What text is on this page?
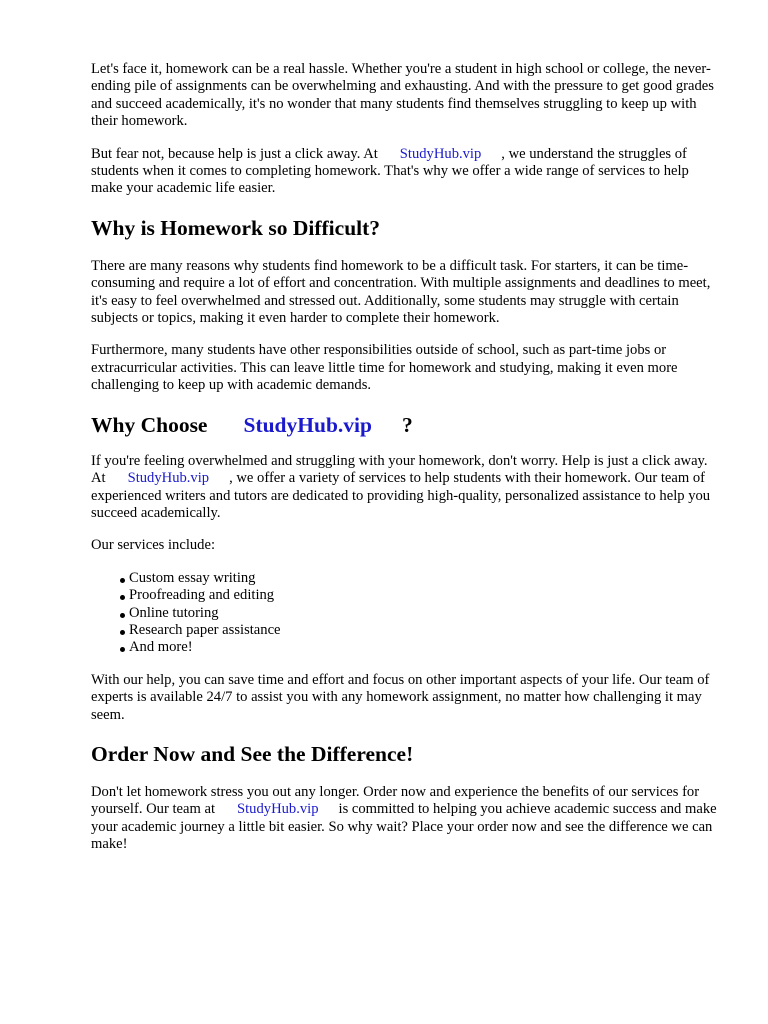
Let's face it, homework can be a real hassle. Whether you're a student in high school or college, the never-ending pile of assignments can be overwhelming and exhausting. And with the pressure to get good grades and succeed academically, it's no wonder that many students find themselves struggling to keep up with their homework.

But fear not, because help is just a click away. At StudyHub.vip , we understand the struggles of students when it comes to completing homework. That's why we offer a wide range of services to help make your academic life easier.

Why is Homework so Difficult?

There are many reasons why students find homework to be a difficult task. For starters, it can be time-consuming and require a lot of effort and concentration. With multiple assignments and deadlines to meet, it's easy to feel overwhelmed and stressed out. Additionally, some students may struggle with certain subjects or topics, making it even harder to complete their homework.

Furthermore, many students have other responsibilities outside of school, such as part-time jobs or extracurricular activities. This can leave little time for homework and studying, making it even more challenging to keep up with academic demands.

Why Choose StudyHub.vip ?

If you're feeling overwhelmed and struggling with your homework, don't worry. Help is just a click away. At StudyHub.vip , we offer a variety of services to help students with their homework. Our team of experienced writers and tutors are dedicated to providing high-quality, personalized assistance to help you succeed academically.

Our services include:

Custom essay writing
Proofreading and editing
Online tutoring
Research paper assistance
And more!

With our help, you can save time and effort and focus on other important aspects of your life. Our team of experts is available 24/7 to assist you with any homework assignment, no matter how challenging it may seem.

Order Now and See the Difference!

Don't let homework stress you out any longer. Order now and experience the benefits of our services for yourself. Our team at StudyHub.vip is committed to helping you achieve academic success and make your academic journey a little bit easier. So why wait? Place your order now and see the difference we can make!
